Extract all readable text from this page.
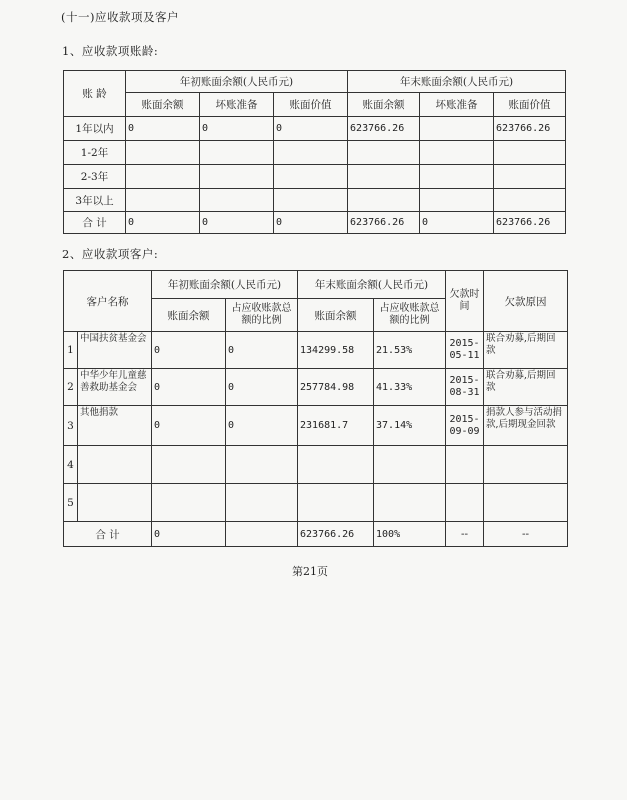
(十一)应收款项及客户
1、应收款项账龄:
账 龄	年初账面余额(人民币元)			年末账面余额(人民币元)		
	账面余额	坏账准备	账面价值	账面余额	坏账准备	账面价值
1年以内	0	0	0	623766.26		623766.26
1-2年						
2-3年						
3年以上						
合 计	0	0	0	623766.26	0	623766.26
2、应收款项客户:
客户名称		年初账面余额(人民币元)		年末账面余额(人民币元)		欠款时间	欠款原因
		账面余额	占应收账款总额的比例	账面余额	占应收账款总额的比例		
1	中国扶贫基金会	0	0	134299.58	21.53%	2015-05-11	联合劝募,后期回款
2	中华少年儿童慈善救助基金会	0	0	257784.98	41.33%	2015-08-31	联合劝募,后期回款
3	其他捐款	0	0	231681.7	37.14%	2015-09-09	捐款人参与活动捐款,后期现金回款
4							
5							
合 计		0		623766.26	100%	--	--
第21页
